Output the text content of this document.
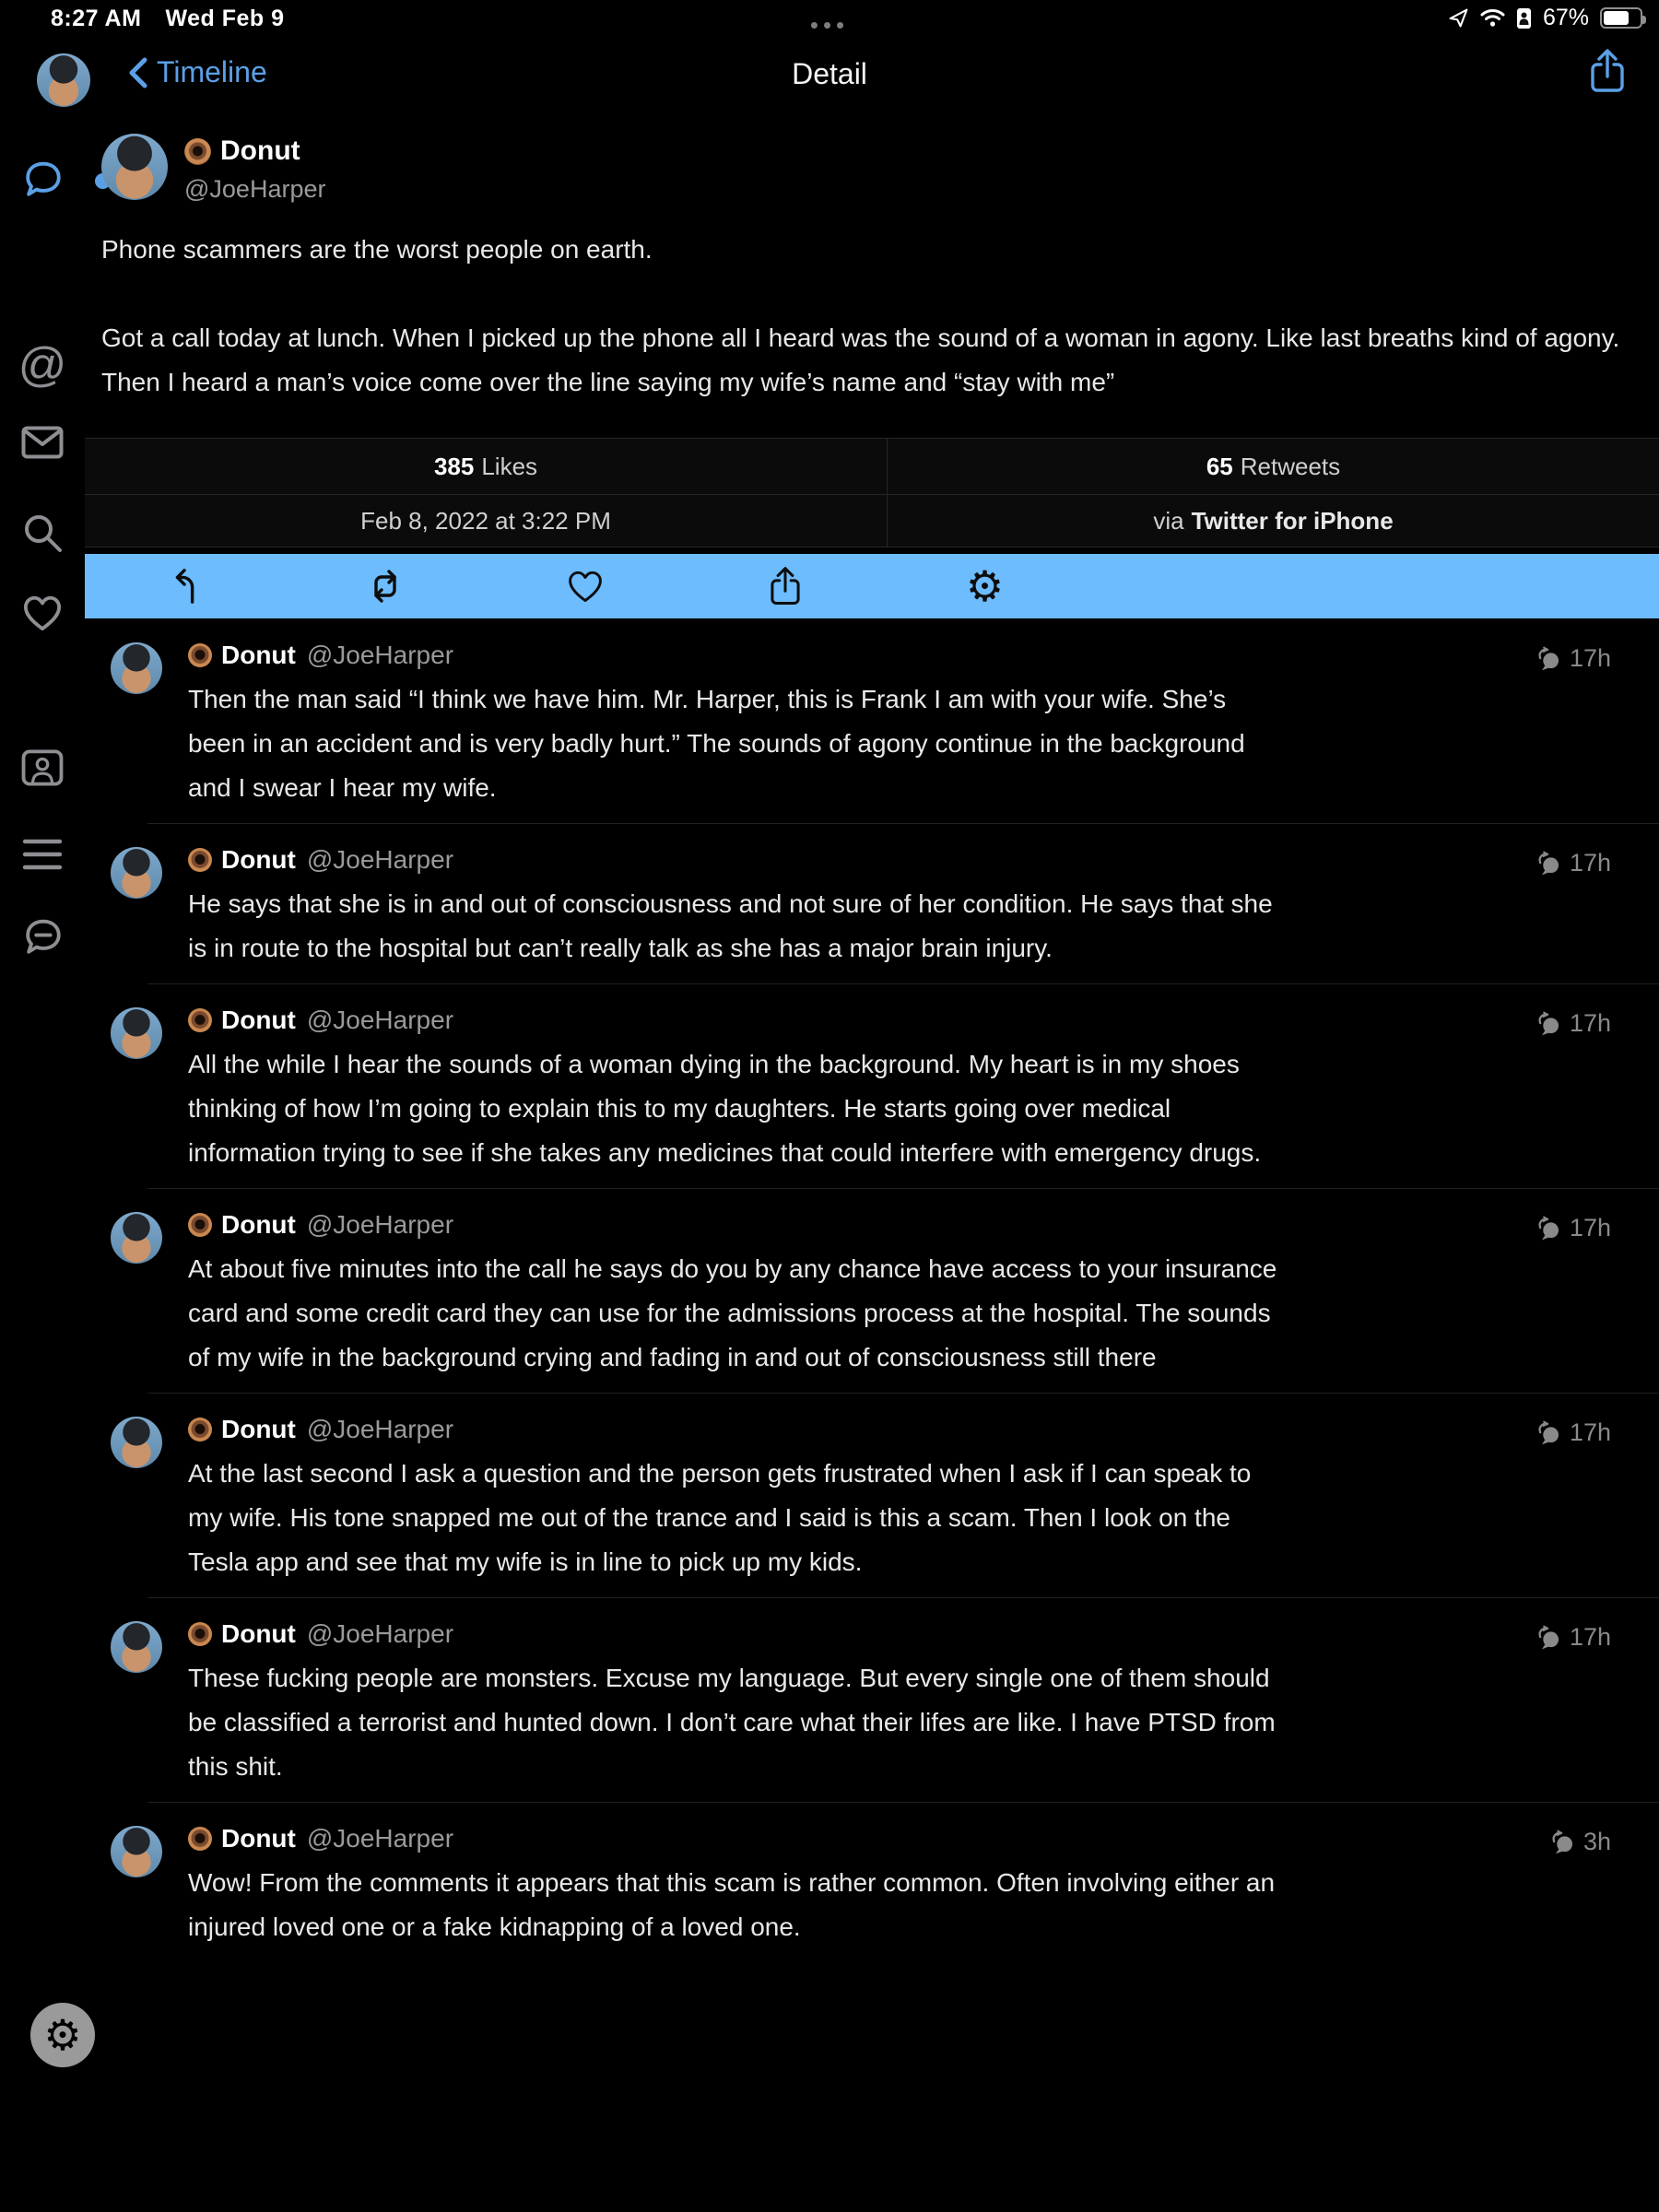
8:27 AM Wed Feb 9	•••	67%
Timeline	Detail
@
⚙
Donut
@JoeHarper

Phone scammers are the worst people on earth.

Got a call today at lunch. When I picked up the phone all I heard was the sound of a woman in agony. Like last breaths kind of agony. Then I heard a man’s voice come over the line saying my wife’s name and “stay with me”

385 Likes	65 Retweets
Feb 8, 2022 at 3:22 PM	via Twitter for iPhone
⚙
Donut @JoeHarper
Then the man said “I think we have him. Mr. Harper, this is Frank I am with your wife. She’s been in an accident and is very badly hurt.” The sounds of agony continue in the background and I swear I hear my wife.
17h
Donut @JoeHarper
He says that she is in and out of consciousness and not sure of her condition. He says that she is in route to the hospital but can’t really talk as she has a major brain injury.
17h
Donut @JoeHarper
All the while I hear the sounds of a woman dying in the background. My heart is in my shoes thinking of how I’m going to explain this to my daughters. He starts going over medical information trying to see if she takes any medicines that could interfere with emergency drugs.
17h
Donut @JoeHarper
At about five minutes into the call he says do you by any chance have access to your insurance card and some credit card they can use for the admissions process at the hospital. The sounds of my wife in the background crying and fading in and out of consciousness still there
17h
Donut @JoeHarper
At the last second I ask a question and the person gets frustrated when I ask if I can speak to my wife. His tone snapped me out of the trance and I said is this a scam. Then I look on the Tesla app and see that my wife is in line to pick up my kids.
17h
Donut @JoeHarper
These fucking people are monsters. Excuse my language. But every single one of them should be classified a terrorist and hunted down. I don’t care what their lifes are like. I have PTSD from this shit.
17h
Donut @JoeHarper
Wow! From the comments it appears that this scam is rather common. Often involving either an injured loved one or a fake kidnapping of a loved one.
3h
